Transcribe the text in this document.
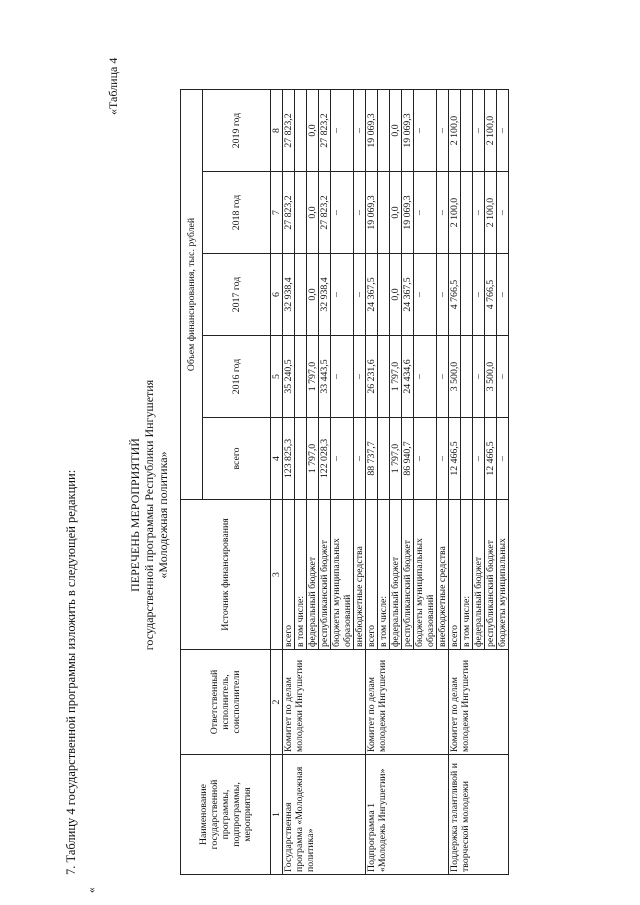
«
7. Таблицу 4 государственной программы изложить в следующей редакции:
«Таблица 4
ПЕРЕЧЕНЬ МЕРОПРИЯТИЙ государственной программы Республики Ингушетия «Молодежная политика»
Наименование государственной программы, подпрограммы, мероприятия	Ответственный исполнитель, соисполнители	Источник финансирования	Объем финансирования, тыс. рублей				
			всего	2016 год	2017 год	2018 год	2019 год
1	2	3	4	5	6	7	8
Государственная программа «Молодежная политика»	Комитет по делам молодежи Ингушетии	всего	123 825,3	35 240,5	32 938,4	27 823,2	27 823,2
		в том числе:					
		федеральный бюджет	1 797,0	1 797,0	0,0	0,0	0,0
		республиканский бюджет	122 028,3	33 443,5	32 938,4	27 823,2	27 823,2
		бюджеты муниципальных образований	–	–	–	–	–
		внебюджетные средства	–	–	–	–	–
Подпрограмма 1 «Молодежь Ингушетии»	Комитет по делам молодежи Ингушетии	всего	88 737,7	26 231,6	24 367,5	19 069,3	19 069,3
		в том числе:					
		федеральный бюджет	1 797,0	1 797,0	0,0	0,0	0,0
		республиканский бюджет	86 940,7	24 434,6	24 367,5	19 069,3	19 069,3
		бюджеты муниципальных образований	–	–	–	–	–
		внебюджетные средства	–	–	–	–	–
Поддержка талантливой и творческой молодежи	Комитет по делам молодежи Ингушетии	всего	12 466,5	3 500,0	4 766,5	2 100,0	2 100,0
		в том числе:					
		федеральный бюджет	–	–	–	–	–
		республиканский бюджет	12 466,5	3 500,0	4 766,5	2 100,0	2 100,0
		бюджеты муниципальных	–	–	–	–	–
